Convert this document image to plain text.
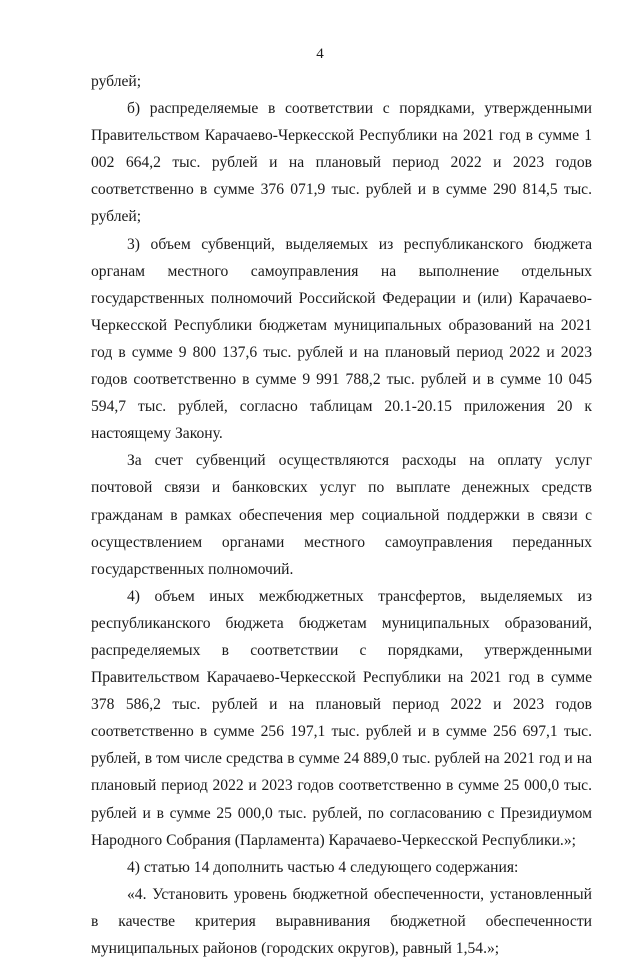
4

рублей;

б) распределяемые в соответствии с порядками, утвержденными Правительством Карачаево-Черкесской Республики на 2021 год в сумме 1 002 664,2 тыс. рублей и на плановый период 2022 и 2023 годов соответственно в сумме 376 071,9 тыс. рублей и в сумме 290 814,5 тыс. рублей;

3) объем субвенций, выделяемых из республиканского бюджета органам местного самоуправления на выполнение отдельных государственных полномочий Российской Федерации и (или) Карачаево-Черкесской Республики бюджетам муниципальных образований на 2021 год в сумме 9 800 137,6 тыс. рублей и на плановый период 2022 и 2023 годов соответственно в сумме 9 991 788,2 тыс. рублей и в сумме 10 045 594,7 тыс. рублей, согласно таблицам 20.1-20.15 приложения 20 к настоящему Закону.

За счет субвенций осуществляются расходы на оплату услуг почтовой связи и банковских услуг по выплате денежных средств гражданам в рамках обеспечения мер социальной поддержки в связи с осуществлением органами местного самоуправления переданных государственных полномочий.

4) объем иных межбюджетных трансфертов, выделяемых из республиканского бюджета бюджетам муниципальных образований, распределяемых в соответствии с порядками, утвержденными Правительством Карачаево-Черкесской Республики на 2021 год в сумме 378 586,2 тыс. рублей и на плановый период 2022 и 2023 годов соответственно в сумме 256 197,1 тыс. рублей и в сумме 256 697,1 тыс. рублей, в том числе средства в сумме 24 889,0 тыс. рублей на 2021 год и на плановый период 2022 и 2023 годов соответственно в сумме 25 000,0 тыс. рублей и в сумме 25 000,0 тыс. рублей, по согласованию с Президиумом Народного Собрания (Парламента) Карачаево-Черкесской Республики.»;

4) статью 14 дополнить частью 4 следующего содержания:

«4. Установить уровень бюджетной обеспеченности, установленный в качестве критерия выравнивания бюджетной обеспеченности муниципальных районов (городских округов), равный 1,54.»;
